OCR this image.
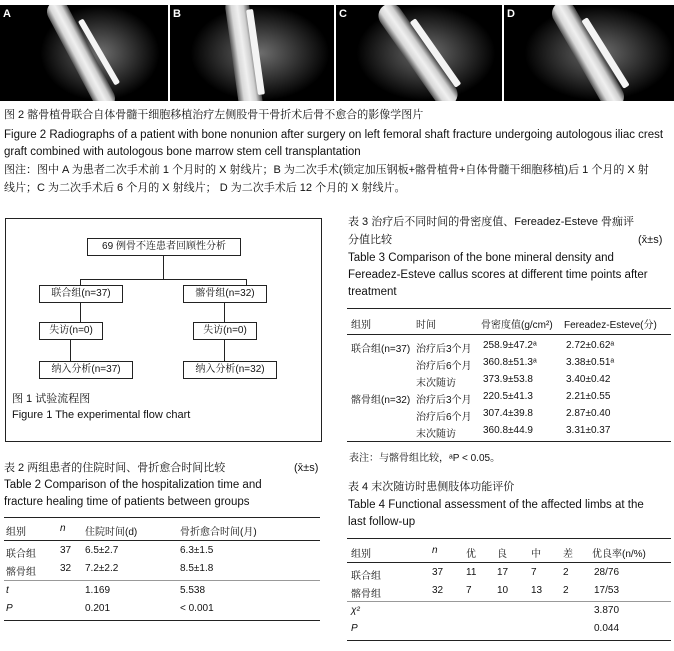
A	B	C	D
图 2 髂骨植骨联合自体骨髓干细胞移植治疗左侧股骨干骨折术后骨不愈合的影像学图片
Figure 2 Radiographs of a patient with bone nonunion after surgery on left femoral shaft fracture undergoing autologous iliac crest
graft combined with autologous bone marrow stem cell transplantation
图注：图中 A 为患者二次手术前 1 个月时的 X 射线片；B 为二次手术(锁定加压钢板+髂骨植骨+自体骨髓干细胞移植)后 1 个月的 X 射
线片；C 为二次手术后 6 个月的 X 射线片； D 为二次手术后 12 个月的 X 射线片。
69 例骨不连患者回顾性分析
联合组(n=37)	髂骨组(n=32)
失访(n=0)	失访(n=0)
纳入分析(n=37)	纳入分析(n=32)
图 1 试验流程图
Figure 1 The experimental flow chart
表 2 两组患者的住院时间、骨折愈合时间比较	(x̄±s)
Table 2 Comparison of the hospitalization time and
fracture healing time of patients between groups
组别	n 住院时间(d)	骨折愈合时间(月)
联合组 37 6.5±2.7	6.3±1.5
髂骨组 32 7.2±2.2	8.5±1.8
t	1.169	5.538
P	0.201	< 0.001
表 3 治疗后不同时间的骨密度值、Fereadez-Esteve 骨痂评
分值比较	(x̄±s)
Table 3 Comparison of the bone mineral density and
Fereadez-Esteve callus scores at different time points after
treatment
组别	时间	骨密度值(g/cm²) Fereadez-Esteve(分)
联合组(n=37) 治疗后3个月 258.9±47.2ᵃ	2.72±0.62ᵃ
治疗后6个月 360.8±51.3ᵃ	3.38±0.51ᵃ
末次随访	373.9±53.8	3.40±0.42
髂骨组(n=32) 治疗后3个月 220.5±41.3	2.21±0.55
治疗后6个月 307.4±39.8	2.87±0.40
末次随访	360.8±44.9	3.31±0.37
表注：与髂骨组比较，ᵃP < 0.05。
表 4 末次随访时患侧肢体功能评价
Table 4 Functional assessment of the affected limbs at the
last follow-up
组别	n	优 良 中 差 优良率(n/%)
联合组	37 11 17 7	2	28/76
髂骨组	32 7	10 13 2	17/53
χ²	3.870
P	0.044
